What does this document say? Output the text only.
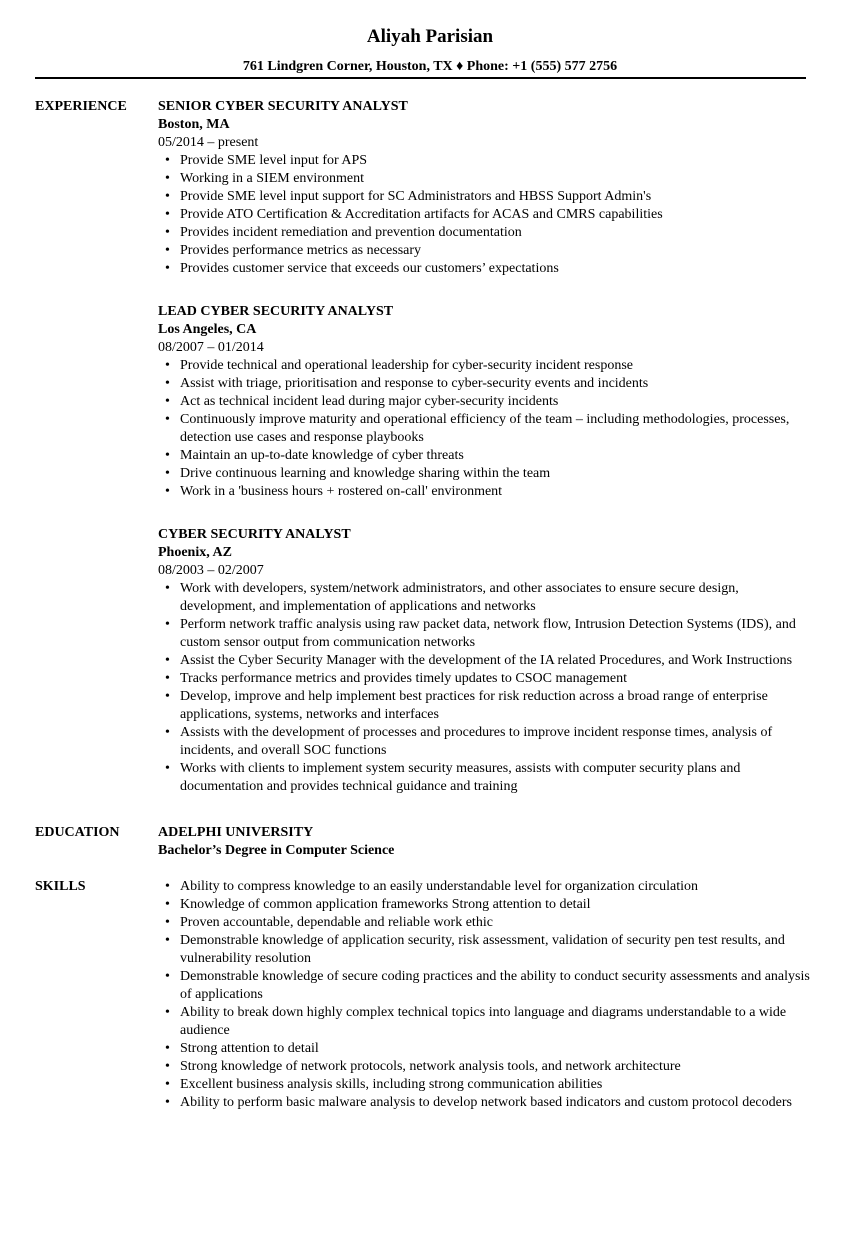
Aliyah Parisian
761 Lindgren Corner, Houston, TX ♦ Phone: +1 (555) 577 2756
EXPERIENCE	SENIOR CYBER SECURITY ANALYST
Boston, MA
05/2014 – present
• Provide SME level input for APS
• Working in a SIEM environment
• Provide SME level input support for SC Administrators and HBSS Support Admin's
• Provide ATO Certification & Accreditation artifacts for ACAS and CMRS capabilities
• Provides incident remediation and prevention documentation
• Provides performance metrics as necessary
• Provides customer service that exceeds our customers’ expectations
LEAD CYBER SECURITY ANALYST
Los Angeles, CA
08/2007 – 01/2014
• Provide technical and operational leadership for cyber-security incident response
• Assist with triage, prioritisation and response to cyber-security events and incidents
• Act as technical incident lead during major cyber-security incidents
• Continuously improve maturity and operational efficiency of the team – including methodologies, processes, detection use cases and response playbooks
• Maintain an up-to-date knowledge of cyber threats
• Drive continuous learning and knowledge sharing within the team
• Work in a 'business hours + rostered on-call' environment
CYBER SECURITY ANALYST
Phoenix, AZ
08/2003 – 02/2007
• Work with developers, system/network administrators, and other associates to ensure secure design, development, and implementation of applications and networks
• Perform network traffic analysis using raw packet data, network flow, Intrusion Detection Systems (IDS), and custom sensor output from communication networks
• Assist the Cyber Security Manager with the development of the IA related Procedures, and Work Instructions
• Tracks performance metrics and provides timely updates to CSOC management
• Develop, improve and help implement best practices for risk reduction across a broad range of enterprise applications, systems, networks and interfaces
• Assists with the development of processes and procedures to improve incident response times, analysis of incidents, and overall SOC functions
• Works with clients to implement system security measures, assists with computer security plans and documentation and provides technical guidance and training
EDUCATION	ADELPHI UNIVERSITY
Bachelor’s Degree in Computer Science
SKILLS	• Ability to compress knowledge to an easily understandable level for organization circulation
• Knowledge of common application frameworks Strong attention to detail
• Proven accountable, dependable and reliable work ethic
• Demonstrable knowledge of application security, risk assessment, validation of security pen test results, and vulnerability resolution
• Demonstrable knowledge of secure coding practices and the ability to conduct security assessments and analysis of applications
• Ability to break down highly complex technical topics into language and diagrams understandable to a wide audience
• Strong attention to detail
• Strong knowledge of network protocols, network analysis tools, and network architecture
• Excellent business analysis skills, including strong communication abilities
• Ability to perform basic malware analysis to develop network based indicators and custom protocol decoders
